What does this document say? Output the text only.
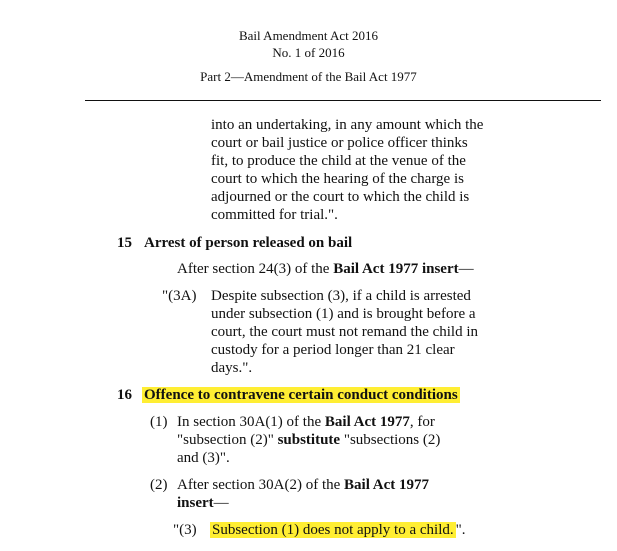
Bail Amendment Act 2016
No. 1 of 2016
Part 2—Amendment of the Bail Act 1977
into an undertaking, in any amount which the
court or bail justice or police officer thinks
fit, to produce the child at the venue of the
court to which the hearing of the charge is
adjourned or the court to which the child is
committed for trial.".
15 Arrest of person released on bail
After section 24(3) of the Bail Act 1977 insert—
"(3A) Despite subsection (3), if a child is arrested
under subsection (1) and is brought before a
court, the court must not remand the child in
custody for a period longer than 21 clear
days.".
16 Offence to contravene certain conduct conditions
(1) In section 30A(1) of the Bail Act 1977, for
"subsection (2)" substitute "subsections (2)
and (3)".
(2) After section 30A(2) of the Bail Act 1977
insert—
"(3) Subsection (1) does not apply to a child. ".
